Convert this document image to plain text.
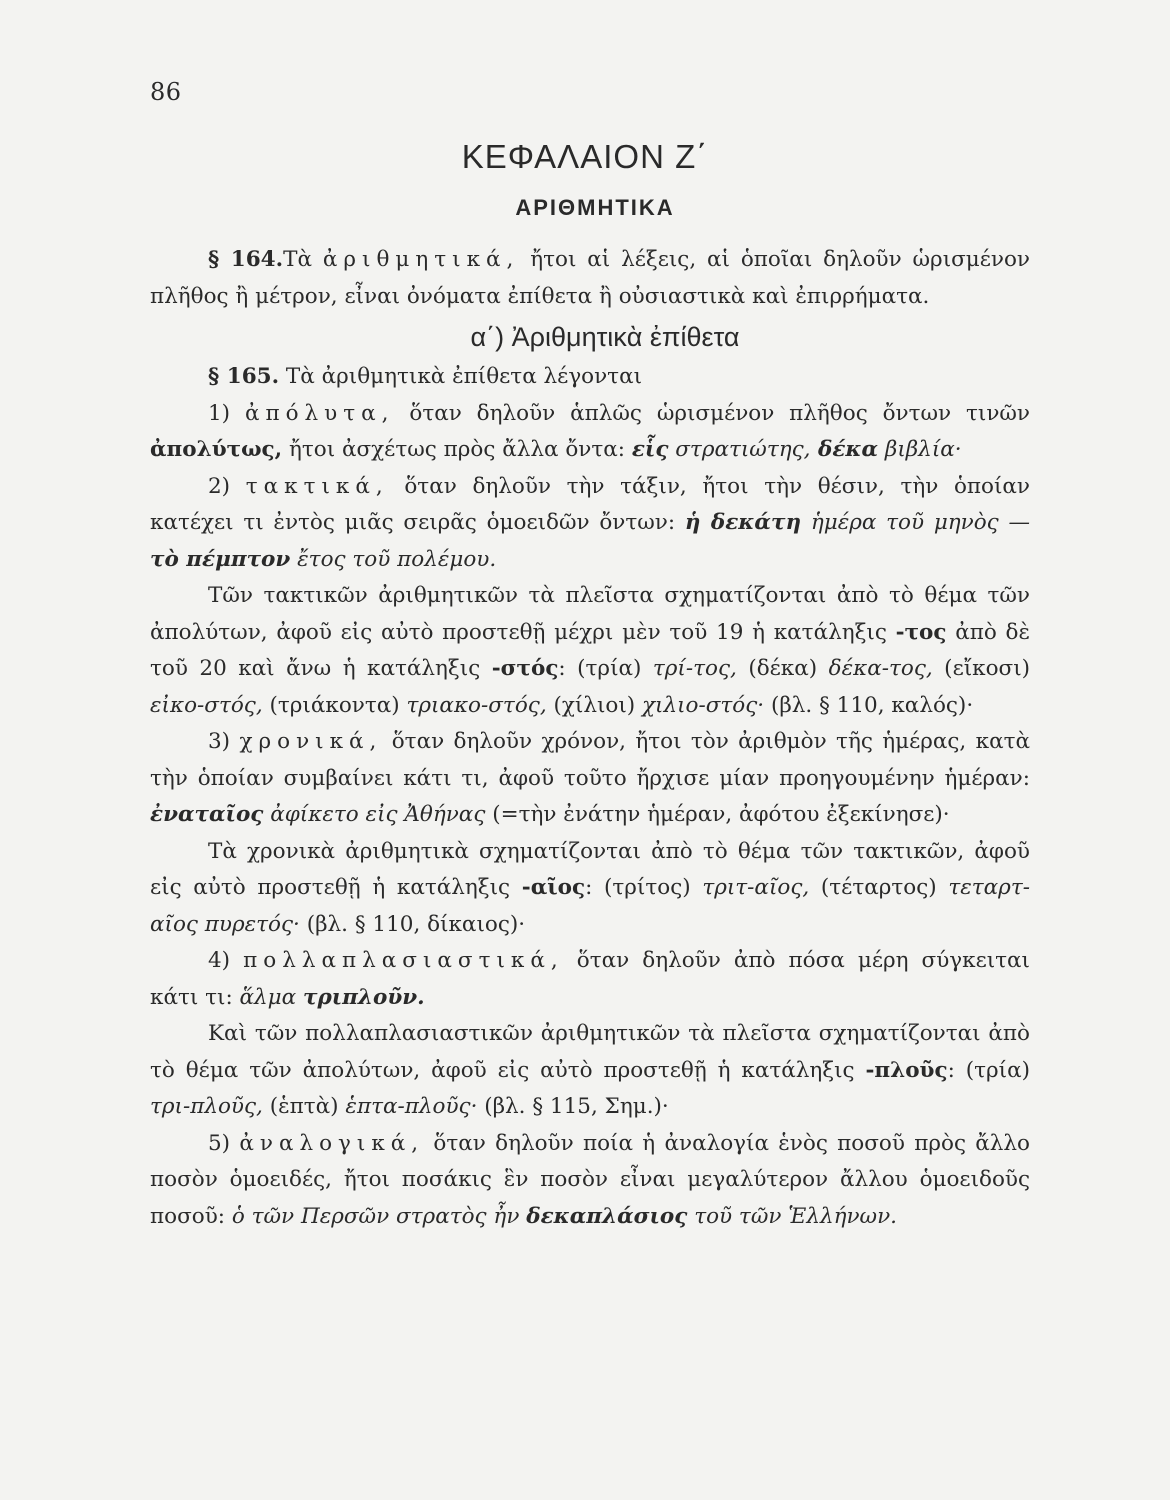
86
ΚΕΦΑΛΑΙΟΝ Ζ΄
ΑΡΙΘΜΗΤΙΚΑ

§ 164.Τὰ ἀριθμητικά, ἤτοι αἱ λέξεις, αἱ ὁποῖαι δηλοῦν ὡρισμένον πλῆθος ἢ μέτρον, εἶναι ὀνόματα ἐπίθετα ἢ οὐσιαστικὰ καὶ ἐπιρρήματα.

α΄) Ἀριθμητικὰ ἐπίθετα

§ 165. Τὰ ἀριθμητικὰ ἐπίθετα λέγονται

1) ἀπόλυτα, ὅταν δηλοῦν ἁπλῶς ὡρισμένον πλῆθος ὄντων τινῶν ἀπολύτως, ἤτοι ἀσχέτως πρὸς ἄλλα ὄντα: εἷς στρατιώτης, δέκα βιβλία·

2) τακτικά, ὅταν δηλοῦν τὴν τάξιν, ἤτοι τὴν θέσιν, τὴν ὁποίαν κατέχει τι ἐντὸς μιᾶς σειρᾶς ὁμοειδῶν ὄντων: ἡ δεκάτη ἡμέρα τοῦ μηνὸς — τὸ πέμπτον ἔτος τοῦ πολέμου.

Τῶν τακτικῶν ἀριθμητικῶν τὰ πλεῖστα σχηματίζονται ἀπὸ τὸ θέμα τῶν ἀπολύτων, ἀφοῦ εἰς αὐτὸ προστεθῇ μέχρι μὲν τοῦ 19 ἡ κατάληξις -τος ἀπὸ δὲ τοῦ 20 καὶ ἄνω ἡ κατάληξις -στός: (τρία) τρί-τος, (δέκα) δέκα-τος, (εἴκοσι) εἰκο-στός, (τριάκοντα) τριακο-στός, (χίλιοι) χιλιο-στός· (βλ. § 110, καλός)·

3) χρονικά, ὅταν δηλοῦν χρόνον, ἤτοι τὸν ἀριθμὸν τῆς ἡμέρας, κατὰ τὴν ὁποίαν συμβαίνει κάτι τι, ἀφοῦ τοῦτο ἤρχισε μίαν προηγουμένην ἡμέραν: ἐναταῖος ἀφίκετο εἰς Ἀθήνας (=τὴν ἐνάτην ἡμέραν, ἀφότου ἐξεκίνησε)·

Τὰ χρονικὰ ἀριθμητικὰ σχηματίζονται ἀπὸ τὸ θέμα τῶν τακτικῶν, ἀφοῦ εἰς αὐτὸ προστεθῇ ἡ κατάληξις -αῖος: (τρίτος) τριτ-αῖος, (τέταρτος) τεταρτ-αῖος πυρετός· (βλ. § 110, δίκαιος)·

4) πολλαπλασιαστικά, ὅταν δηλοῦν ἀπὸ πόσα μέρη σύγκειται κάτι τι: ἅλμα τριπλοῦν.

Καὶ τῶν πολλαπλασιαστικῶν ἀριθμητικῶν τὰ πλεῖστα σχηματίζονται ἀπὸ τὸ θέμα τῶν ἀπολύτων, ἀφοῦ εἰς αὐτὸ προστεθῇ ἡ κατάληξις -πλοῦς: (τρία) τρι-πλοῦς, (ἑπτὰ) ἑπτα-πλοῦς· (βλ. § 115, Σημ.)·

5) ἀναλογικά, ὅταν δηλοῦν ποία ἡ ἀναλογία ἑνὸς ποσοῦ πρὸς ἄλλο ποσὸν ὁμοειδές, ἤτοι ποσάκις ἓν ποσὸν εἶναι μεγαλύτερον ἄλλου ὁμοειδοῦς ποσοῦ: ὁ τῶν Περσῶν στρατὸς ἦν δεκαπλάσιος τοῦ τῶν Ἑλλήνων.
